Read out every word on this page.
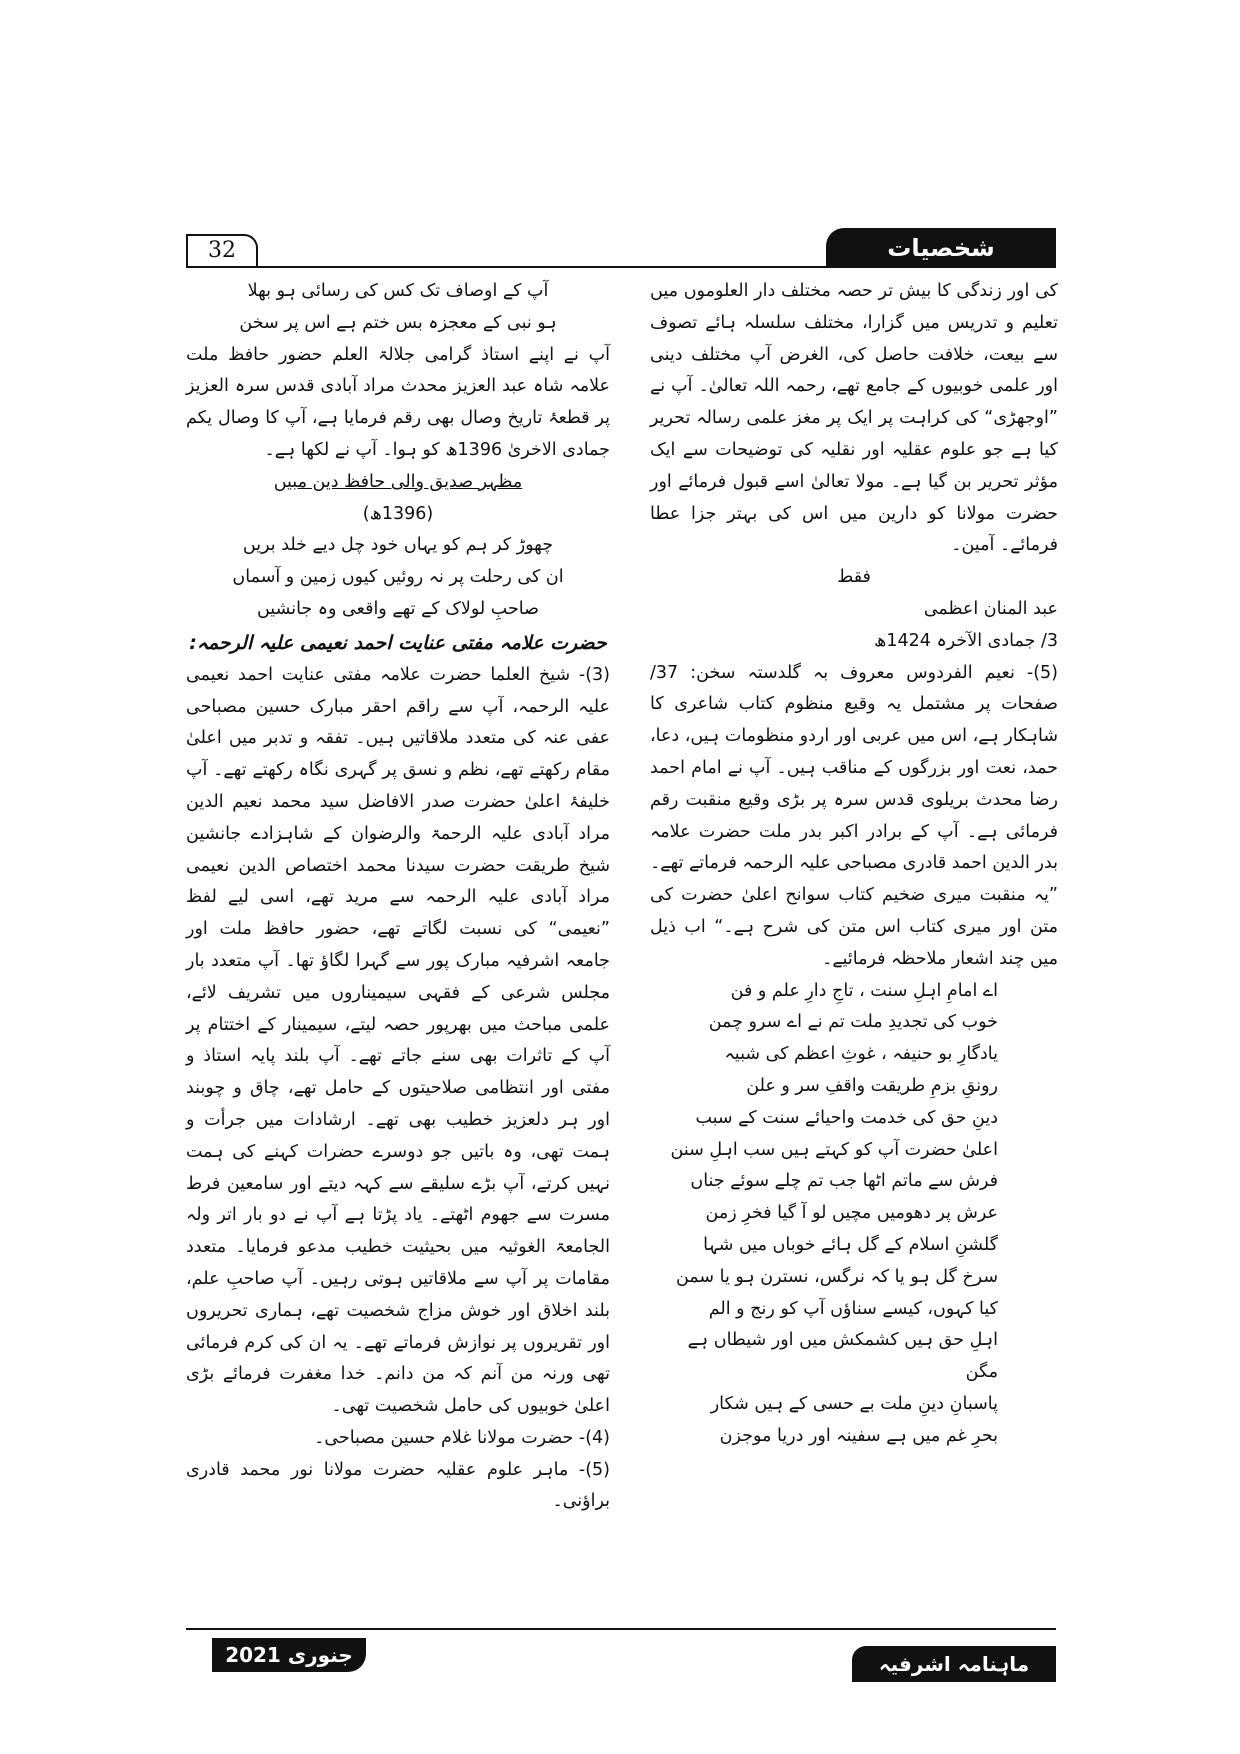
32	شخصیات

کی اور زندگی کا بیش تر حصہ مختلف دار العلوموں میں تعلیم و تدریس میں گزارا، مختلف سلسلہ ہائے تصوف سے بیعت، خلافت حاصل کی، الغرض آپ مختلف دینی اور علمی خوبیوں کے جامع تھے، رحمہ اللہ تعالیٰ۔ آپ نے ”اوجھڑی“ کی کراہت پر ایک پر مغز علمی رسالہ تحریر کیا ہے جو علوم عقلیہ اور نقلیہ کی توضیحات سے ایک مؤثر تحریر بن گیا ہے۔ مولا تعالیٰ اسے قبول فرمائے اور حضرت مولانا کو دارین میں اس کی بہتر جزا عطا فرمائے۔ آمین۔

فقط

عبد المنان اعظمی

3/ جمادی الآخرہ 1424ھ

(5)- نعیم الفردوس معروف بہ گلدستہ سخن: 37/ صفحات پر مشتمل یہ وقیع منظوم کتاب شاعری کا شاہکار ہے، اس میں عربی اور اردو منظومات ہیں، دعا، حمد، نعت اور بزرگوں کے مناقب ہیں۔ آپ نے امام احمد رضا محدث بریلوی قدس سرہ پر بڑی وقیع منقبت رقم فرمائی ہے۔ آپ کے برادر اکبر بدر ملت حضرت علامہ بدر الدین احمد قادری مصباحی علیہ الرحمہ فرماتے تھے۔ ”یہ منقبت میری ضخیم کتاب سوانح اعلیٰ حضرت کی متن اور میری کتاب اس متن کی شرح ہے۔“ اب ذیل میں چند اشعار ملاحظہ فرمائیے۔

اے امامِ اہلِ سنت ، تاجِ دارِ علم و فن

خوب کی تجدیدِ ملت تم نے اے سرو چمن

یادگارِ بو حنیفہ ، غوثِ اعظم کی شبیہ

رونقِ بزمِ طریقت واقفِ سر و علن

دینِ حق کی خدمت واحیائے سنت کے سبب

اعلیٰ حضرت آپ کو کہتے ہیں سب اہلِ سنن

فرش سے ماتم اٹھا جب تم چلے سوئے جناں

عرش پر دھومیں مچیں لو آ گیا فخرِ زمن

گلشنِ اسلام کے گل ہائے خوباں میں شہا

سرخ گل ہو یا کہ نرگس، نسترن ہو یا سمن

کیا کہوں، کیسے سناؤں آپ کو رنج و الم

اہلِ حق ہیں کشمکش میں اور شیطاں ہے مگن

پاسبانِ دینِ ملت بے حسی کے ہیں شکار

بحرِ غم میں ہے سفینہ اور دریا موجزن

آپ کے اوصاف تک کس کی رسائی ہو بھلا

ہو نبی کے معجزہ بس ختم ہے اس پر سخن

آپ نے اپنے استاذ گرامی جلالۃ العلم حضور حافظ ملت علامہ شاہ عبد العزیز محدث مراد آبادی قدس سرہ العزیز پر قطعۂ تاریخ وصال بھی رقم فرمایا ہے، آپ کا وصال یکم جمادی الاخریٰ 1396ھ کو ہوا۔ آپ نے لکھا ہے۔

مظہر صدیق والی حافظ دین مبیں

(1396ھ)

چھوڑ کر ہم کو یہاں خود چل دیے خلد بریں

ان کی رحلت پر نہ روئیں کیوں زمین و آسماں

صاحبِ لولاک کے تھے واقعی وہ جانشیں

حضرت علامہ مفتی عنایت احمد نعیمی علیہ الرحمہ:

(3)- شیخ العلما حضرت علامہ مفتی عنایت احمد نعیمی علیہ الرحمہ، آپ سے راقم احقر مبارک حسین مصباحی عفی عنہ کی متعدد ملاقاتیں ہیں۔ تفقہ و تدبر میں اعلیٰ مقام رکھتے تھے، نظم و نسق پر گہری نگاہ رکھتے تھے۔ آپ خلیفۂ اعلیٰ حضرت صدر الافاضل سید محمد نعیم الدین مراد آبادی علیہ الرحمۃ والرضوان کے شاہزادے جانشین شیخ طریقت حضرت سیدنا محمد اختصاص الدین نعیمی مراد آبادی علیہ الرحمہ سے مرید تھے، اسی لیے لفظ ”نعیمی“ کی نسبت لگاتے تھے، حضور حافظ ملت اور جامعہ اشرفیہ مبارک پور سے گہرا لگاؤ تھا۔ آپ متعدد بار مجلس شرعی کے فقہی سیمیناروں میں تشریف لائے، علمی مباحث میں بھرپور حصہ لیتے، سیمینار کے اختتام پر آپ کے تاثرات بھی سنے جاتے تھے۔ آپ بلند پایہ استاذ و مفتی اور انتظامی صلاحیتوں کے حامل تھے، چاق و چوبند اور ہر دلعزیز خطیب بھی تھے۔ ارشادات میں جرأت و ہمت تھی، وہ باتیں جو دوسرے حضرات کہنے کی ہمت نہیں کرتے، آپ بڑے سلیقے سے کہہ دیتے اور سامعین فرط مسرت سے جھوم اٹھتے۔ یاد پڑتا ہے آپ نے دو بار اتر ولہ الجامعۃ الغوثیہ میں بحیثیت خطیب مدعو فرمایا۔ متعدد مقامات پر آپ سے ملاقاتیں ہوتی رہیں۔ آپ صاحبِ علم، بلند اخلاق اور خوش مزاج شخصیت تھے، ہماری تحریروں اور تقریروں پر نوازش فرماتے تھے۔ یہ ان کی کرم فرمائی تھی ورنہ من آنم کہ من دانم۔ خدا مغفرت فرمائے بڑی اعلیٰ خوبیوں کی حامل شخصیت تھی۔

(4)- حضرت مولانا غلام حسین مصباحی۔

(5)- ماہر علوم عقلیہ حضرت مولانا نور محمد قادری براؤنی۔

جنوری 2021	ماہنامہ اشرفیہ
